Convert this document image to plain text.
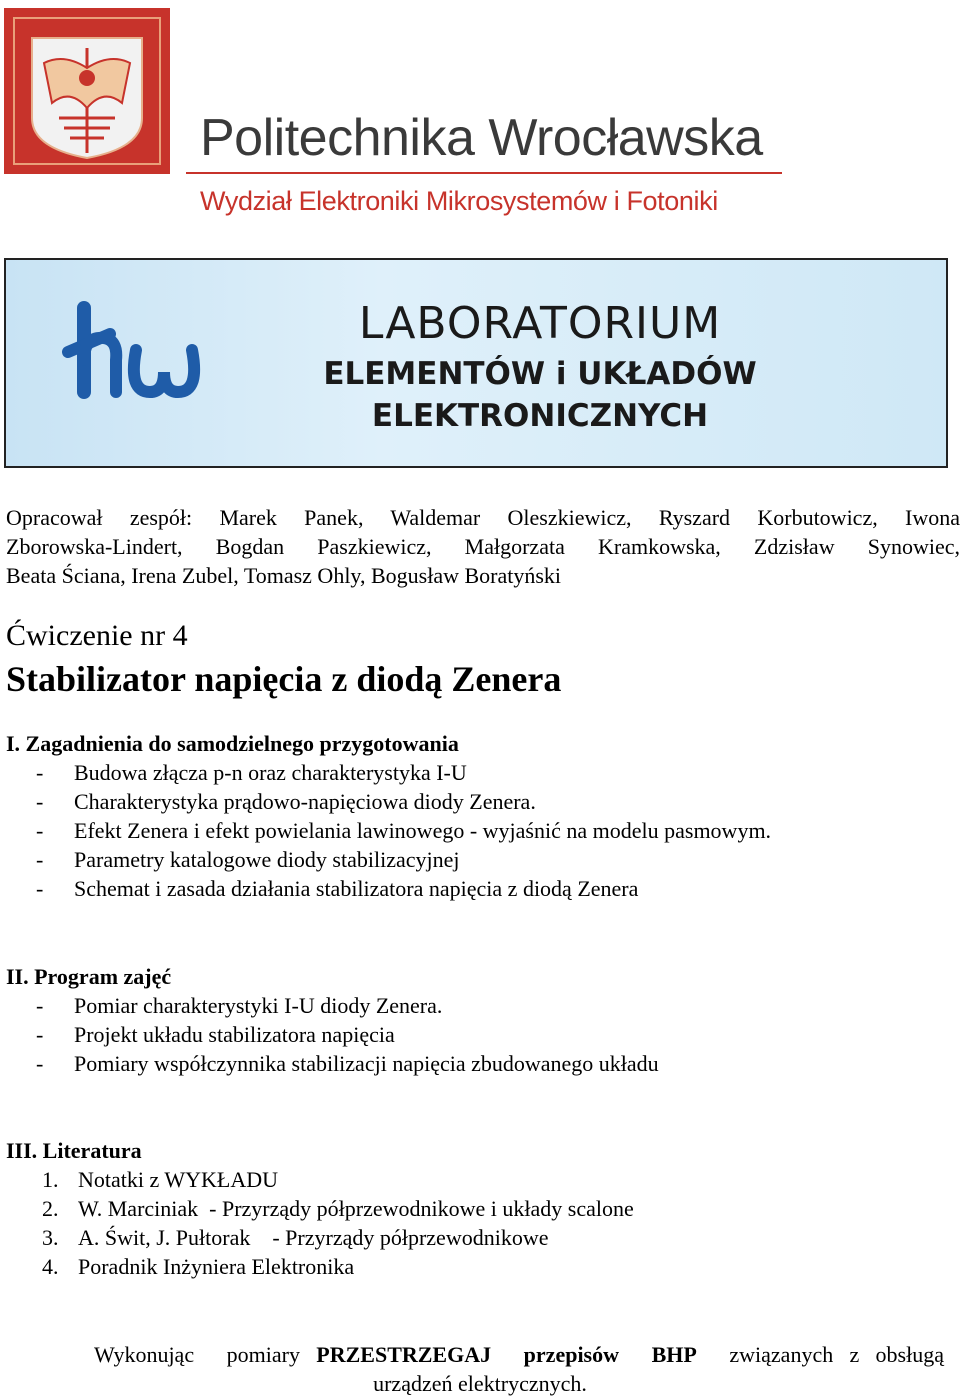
Politechnika Wrocławska
Wydział Elektroniki Mikrosystemów i Fotoniki
LABORATORIUM
ELEMENTÓW i UKŁADÓW
ELEKTRONICZNYCH

Opracował zespół: Marek Panek, Waldemar Oleszkiewicz, Ryszard Korbutowicz, Iwona

Zborowska-Lindert, Bogdan Paszkiewicz, Małgorzata Kramkowska, Zdzisław Synowiec,

Beata Ściana, Irena Zubel, Tomasz Ohly, Bogusław Boratyński

Ćwiczenie nr 4
Stabilizator napięcia z diodą Zenera
I. Zagadnienia do samodzielnego przygotowania
- Budowa złącza p-n oraz charakterystyka I-U
- Charakterystyka prądowo-napięciowa diody Zenera.
- Efekt Zenera i efekt powielania lawinowego - wyjaśnić na modelu pasmowym.
- Parametry katalogowe diody stabilizacyjnej
- Schemat i zasada działania stabilizatora napięcia z diodą Zenera
II. Program zajęć
- Pomiar charakterystyki I-U diody Zenera.
- Projekt układu stabilizatora napięcia
- Pomiary współczynnika stabilizacji napięcia zbudowanego układu
III. Literatura
1. Notatki z WYKŁADU
2. W. Marciniak  - Przyrządy półprzewodnikowe i układy scalone
3. A. Świt, J. Pułtorak    - Przyrządy półprzewodnikowe
4. Poradnik Inżyniera Elektronika
Wykonując  pomiary PRZESTRZEGAJ  przepisów  BHP  związanych z obsługą
urządzeń elektrycznych.
